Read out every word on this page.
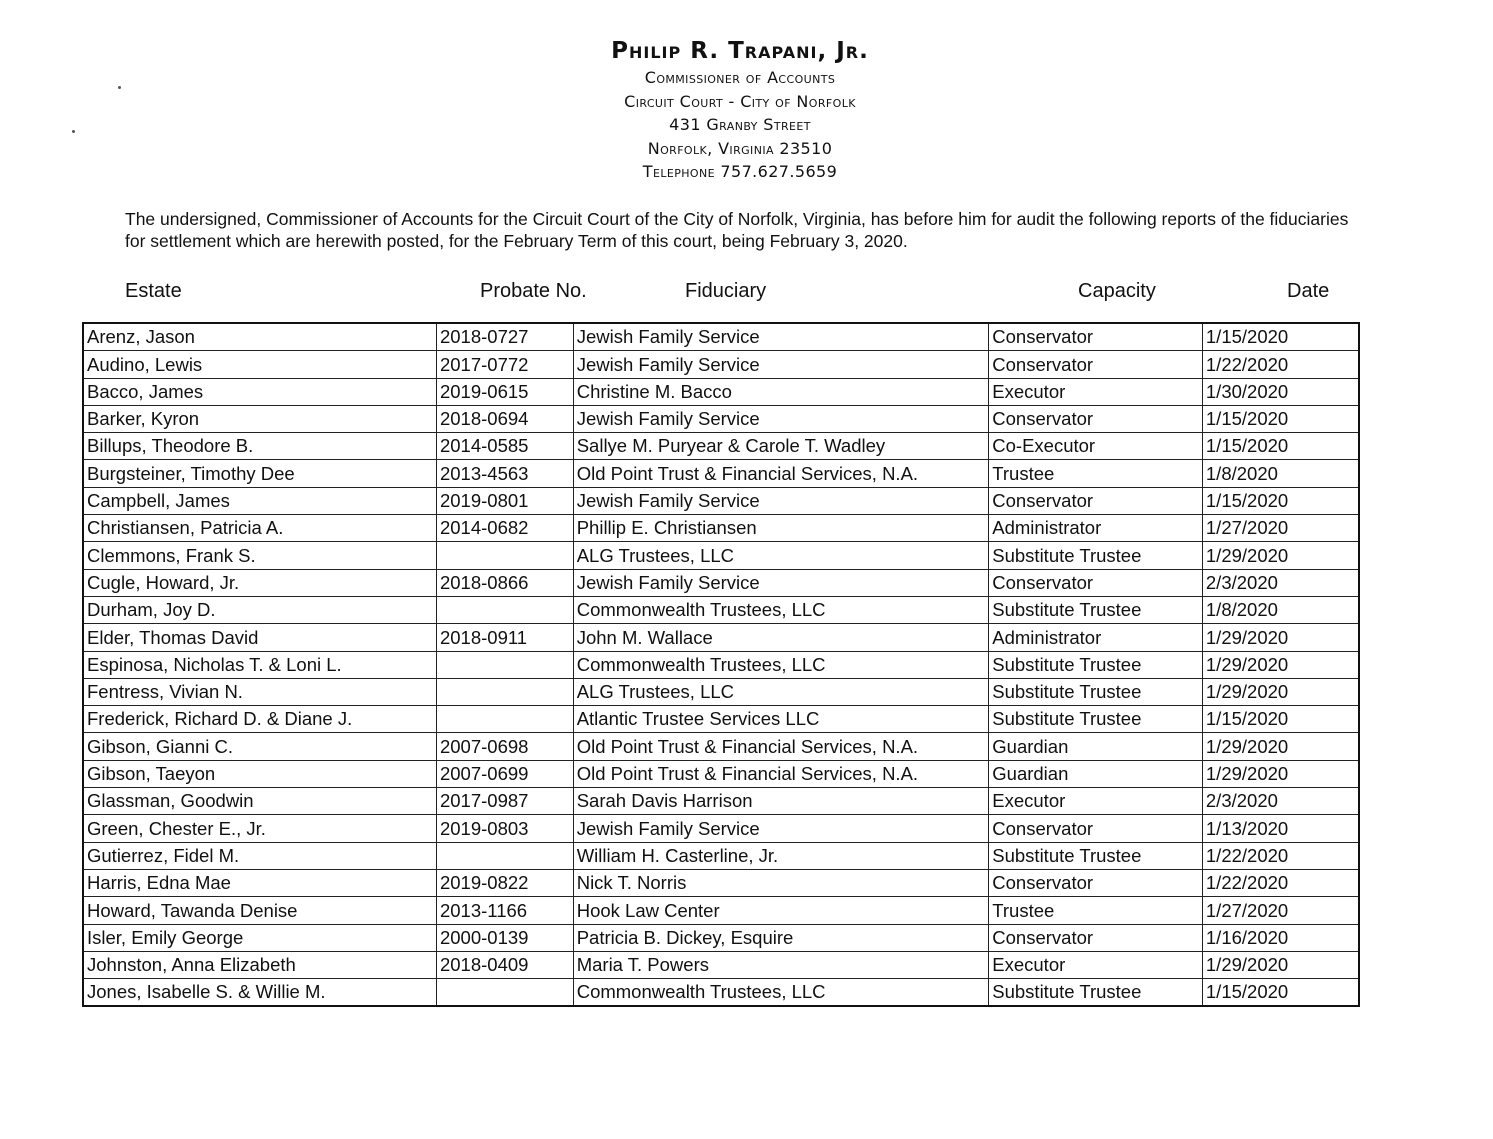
Philip R. Trapani, Jr.
Commissioner of Accounts
Circuit Court - City of Norfolk
431 Granby Street
Norfolk, Virginia 23510
Telephone 757.627.5659
The undersigned, Commissioner of Accounts for the Circuit Court of the City of Norfolk, Virginia, has before him for audit the following reports of the fiduciaries for settlement which are herewith posted, for the February Term of this court, being February 3, 2020.
Estate	Probate No.	Fiduciary	Capacity	Date
Arenz, Jason	2018-0727	Jewish Family Service	Conservator	1/15/2020
Audino, Lewis	2017-0772	Jewish Family Service	Conservator	1/22/2020
Bacco, James	2019-0615	Christine M. Bacco	Executor	1/30/2020
Barker, Kyron	2018-0694	Jewish Family Service	Conservator	1/15/2020
Billups, Theodore B.	2014-0585	Sallye M. Puryear & Carole T. Wadley	Co-Executor	1/15/2020
Burgsteiner, Timothy Dee	2013-4563	Old Point Trust & Financial Services, N.A.	Trustee	1/8/2020
Campbell, James	2019-0801	Jewish Family Service	Conservator	1/15/2020
Christiansen, Patricia A.	2014-0682	Phillip E. Christiansen	Administrator	1/27/2020
Clemmons, Frank S.		ALG Trustees, LLC	Substitute Trustee	1/29/2020
Cugle, Howard, Jr.	2018-0866	Jewish Family Service	Conservator	2/3/2020
Durham, Joy D.		Commonwealth Trustees, LLC	Substitute Trustee	1/8/2020
Elder, Thomas David	2018-0911	John M. Wallace	Administrator	1/29/2020
Espinosa, Nicholas T. & Loni L.		Commonwealth Trustees, LLC	Substitute Trustee	1/29/2020
Fentress, Vivian N.		ALG Trustees, LLC	Substitute Trustee	1/29/2020
Frederick, Richard D. & Diane J.		Atlantic Trustee Services LLC	Substitute Trustee	1/15/2020
Gibson, Gianni C.	2007-0698	Old Point Trust & Financial Services, N.A.	Guardian	1/29/2020
Gibson, Taeyon	2007-0699	Old Point Trust & Financial Services, N.A.	Guardian	1/29/2020
Glassman, Goodwin	2017-0987	Sarah Davis Harrison	Executor	2/3/2020
Green, Chester E., Jr.	2019-0803	Jewish Family Service	Conservator	1/13/2020
Gutierrez, Fidel M.		William H. Casterline, Jr.	Substitute Trustee	1/22/2020
Harris, Edna Mae	2019-0822	Nick T. Norris	Conservator	1/22/2020
Howard, Tawanda Denise	2013-1166	Hook Law Center	Trustee	1/27/2020
Isler, Emily George	2000-0139	Patricia B. Dickey, Esquire	Conservator	1/16/2020
Johnston, Anna Elizabeth	2018-0409	Maria T. Powers	Executor	1/29/2020
Jones, Isabelle S. & Willie M.		Commonwealth Trustees, LLC	Substitute Trustee	1/15/2020
